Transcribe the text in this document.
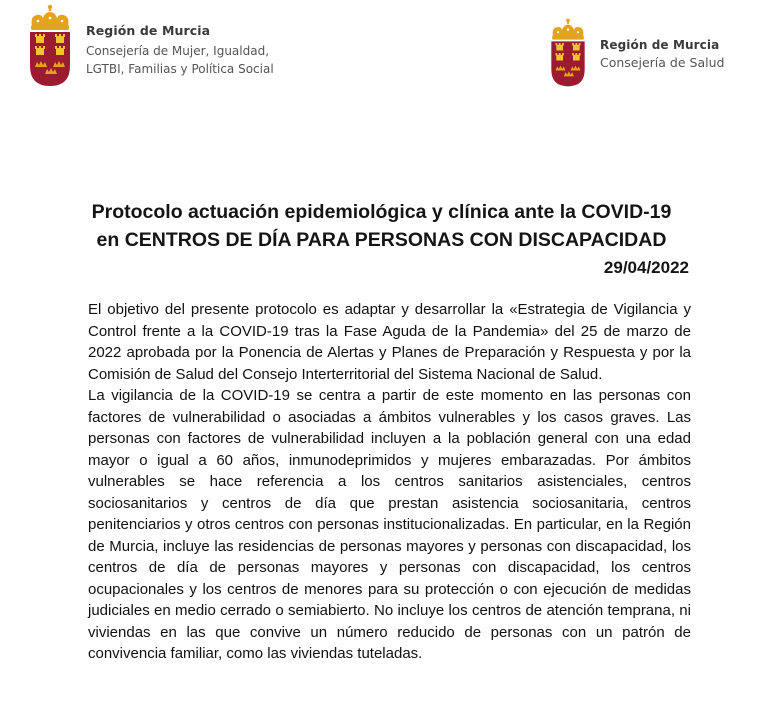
Región de Murcia
Consejería de Mujer, Igualdad,
LGTBI, Familias y Política Social
Región de Murcia
Consejería de Salud
Protocolo actuación epidemiológica y clínica ante la COVID-19
en CENTROS DE DÍA PARA PERSONAS CON DISCAPACIDAD
29/04/2022

El objetivo del presente protocolo es adaptar y desarrollar la «Estrategia de Vigilancia y Control frente a la COVID-19 tras la Fase Aguda de la Pandemia» del 25 de marzo de 2022 aprobada por la Ponencia de Alertas y Planes de Preparación y Respuesta y por la Comisión de Salud del Consejo Interterritorial del Sistema Nacional de Salud.

La vigilancia de la COVID-19 se centra a partir de este momento en las personas con factores de vulnerabilidad o asociadas a ámbitos vulnerables y los casos graves. Las personas con factores de vulnerabilidad incluyen a la población general con una edad mayor o igual a 60 años, inmunodeprimidos y mujeres embarazadas. Por ámbitos vulnerables se hace referencia a los centros sanitarios asistenciales, centros sociosanitarios y centros de día que prestan asistencia sociosanitaria, centros penitenciarios y otros centros con personas institucionalizadas. En particular, en la Región de Murcia, incluye las residencias de personas mayores y personas con discapacidad, los centros de día de personas mayores y personas con discapacidad, los centros ocupacionales y los centros de menores para su protección o con ejecución de medidas judiciales en medio cerrado o semiabierto. No incluye los centros de atención temprana, ni viviendas en las que convive un número reducido de personas con un patrón de convivencia familiar, como las viviendas tuteladas.
